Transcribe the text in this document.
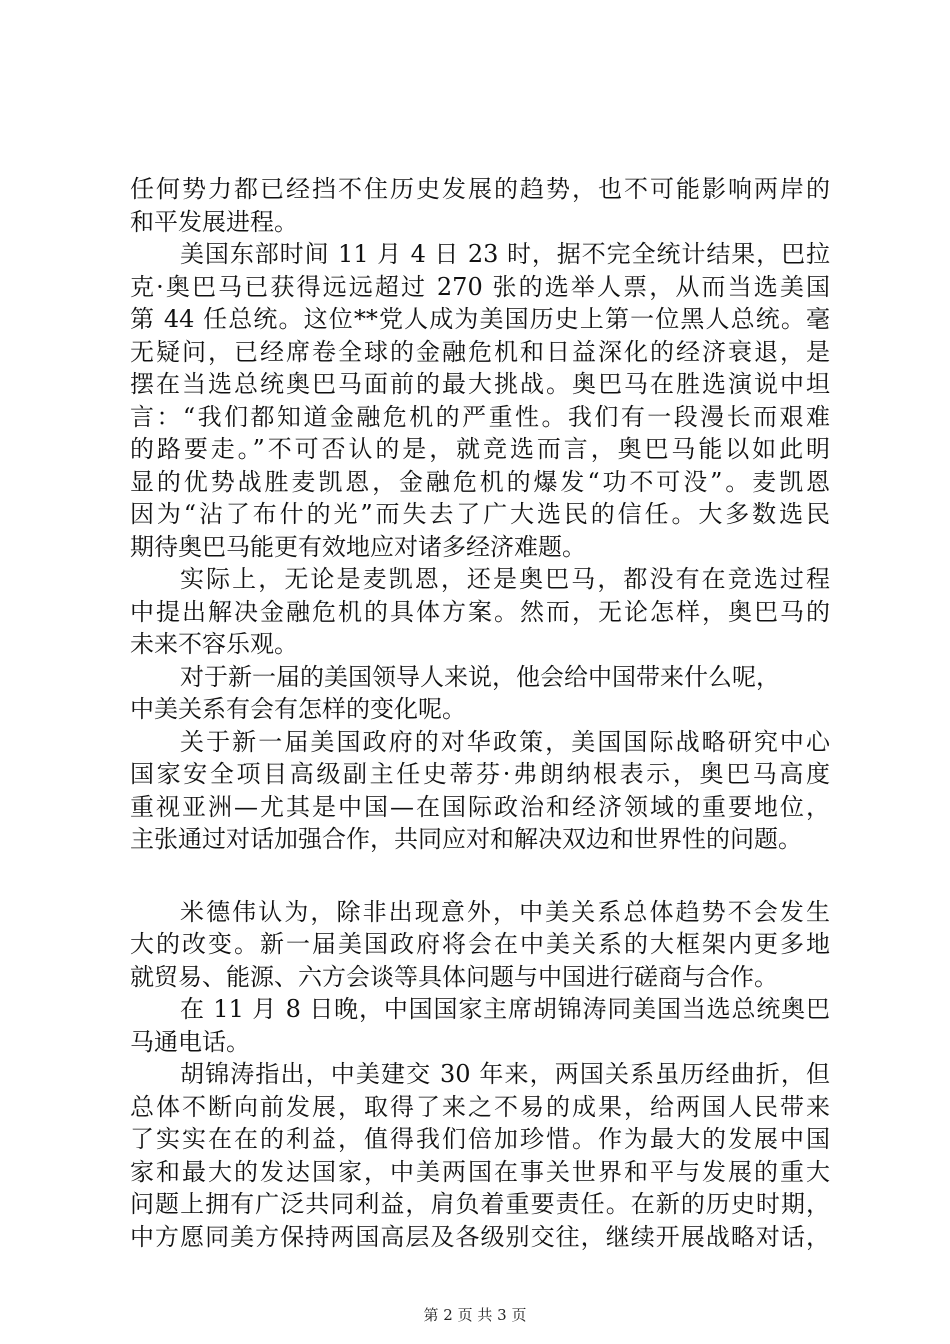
任何势力都已经挡不住历史发展的趋势，也不可能影响两岸的
和平发展进程。
美国东部时间 11 月 4 日 23 时，据不完全统计结果，巴拉
克·奥巴马已获得远远超过 270 张的选举人票，从而当选美国
第 44 任总统。这位**党人成为美国历史上第一位黑人总统。毫
无疑问，已经席卷全球的金融危机和日益深化的经济衰退，是
摆在当选总统奥巴马面前的最大挑战。奥巴马在胜选演说中坦
言：“我们都知道金融危机的严重性。我们有一段漫长而艰难
的路要走。”不可否认的是，就竞选而言，奥巴马能以如此明
显的优势战胜麦凯恩，金融危机的爆发“功不可没”。麦凯恩
因为“沾了布什的光”而失去了广大选民的信任。大多数选民
期待奥巴马能更有效地应对诸多经济难题。
实际上，无论是麦凯恩，还是奥巴马，都没有在竞选过程
中提出解决金融危机的具体方案。然而，无论怎样，奥巴马的
未来不容乐观。
对于新一届的美国领导人来说，他会给中国带来什么呢，
中美关系有会有怎样的变化呢。
关于新一届美国政府的对华政策，美国国际战略研究中心
国家安全项目高级副主任史蒂芬·弗朗纳根表示，奥巴马高度
重视亚洲—尤其是中国—在国际政治和经济领域的重要地位，
主张通过对话加强合作，共同应对和解决双边和世界性的问题。
米德伟认为，除非出现意外，中美关系总体趋势不会发生
大的改变。新一届美国政府将会在中美关系的大框架内更多地
就贸易、能源、六方会谈等具体问题与中国进行磋商与合作。
在 11 月 8 日晚，中国国家主席胡锦涛同美国当选总统奥巴
马通电话。
胡锦涛指出，中美建交 30 年来，两国关系虽历经曲折，但
总体不断向前发展，取得了来之不易的成果，给两国人民带来
了实实在在的利益，值得我们倍加珍惜。作为最大的发展中国
家和最大的发达国家，中美两国在事关世界和平与发展的重大
问题上拥有广泛共同利益，肩负着重要责任。在新的历史时期，
中方愿同美方保持两国高层及各级别交往，继续开展战略对话，
第 2 页 共 3 页
